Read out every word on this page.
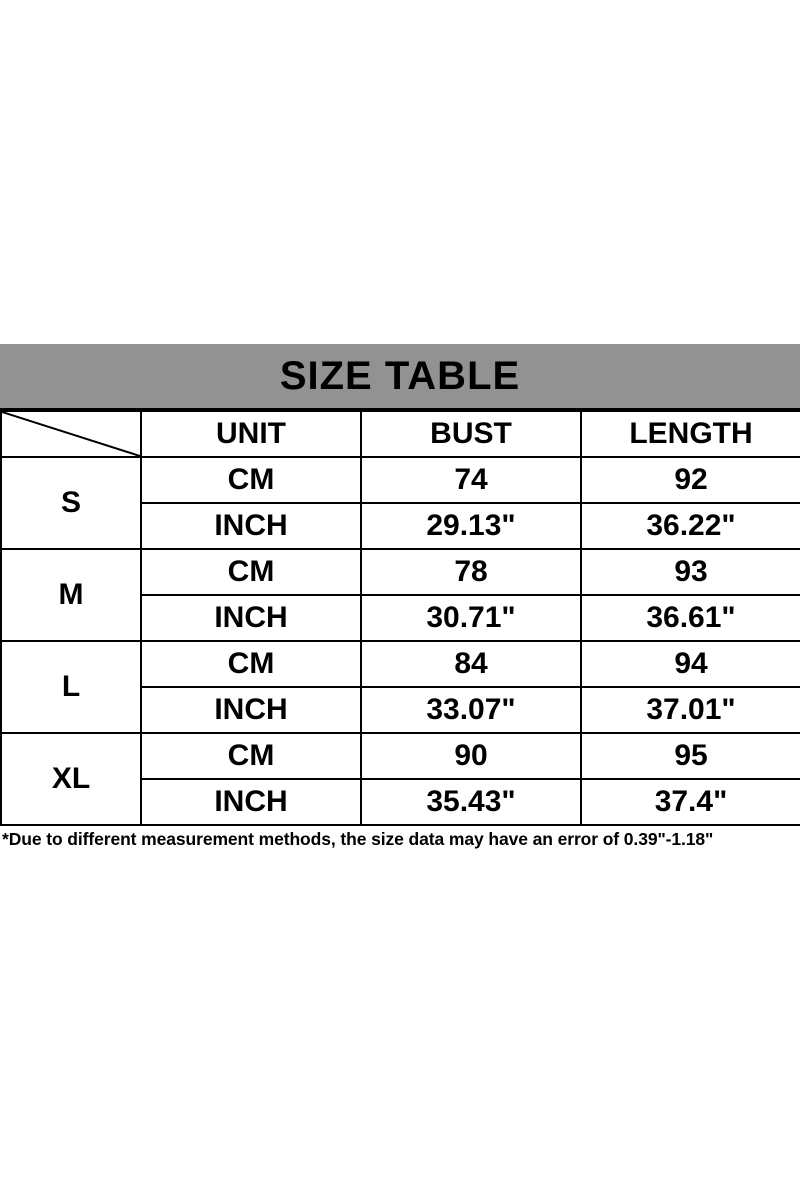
SIZE TABLE
	UNIT	BUST	LENGTH
S	CM	74	92
	INCH	29.13"	36.22"
M	CM	78	93
	INCH	30.71"	36.61"
L	CM	84	94
	INCH	33.07"	37.01"
XL	CM	90	95
	INCH	35.43"	37.4"
*Due to different measurement methods, the size data may have an error of 0.39"-1.18"
